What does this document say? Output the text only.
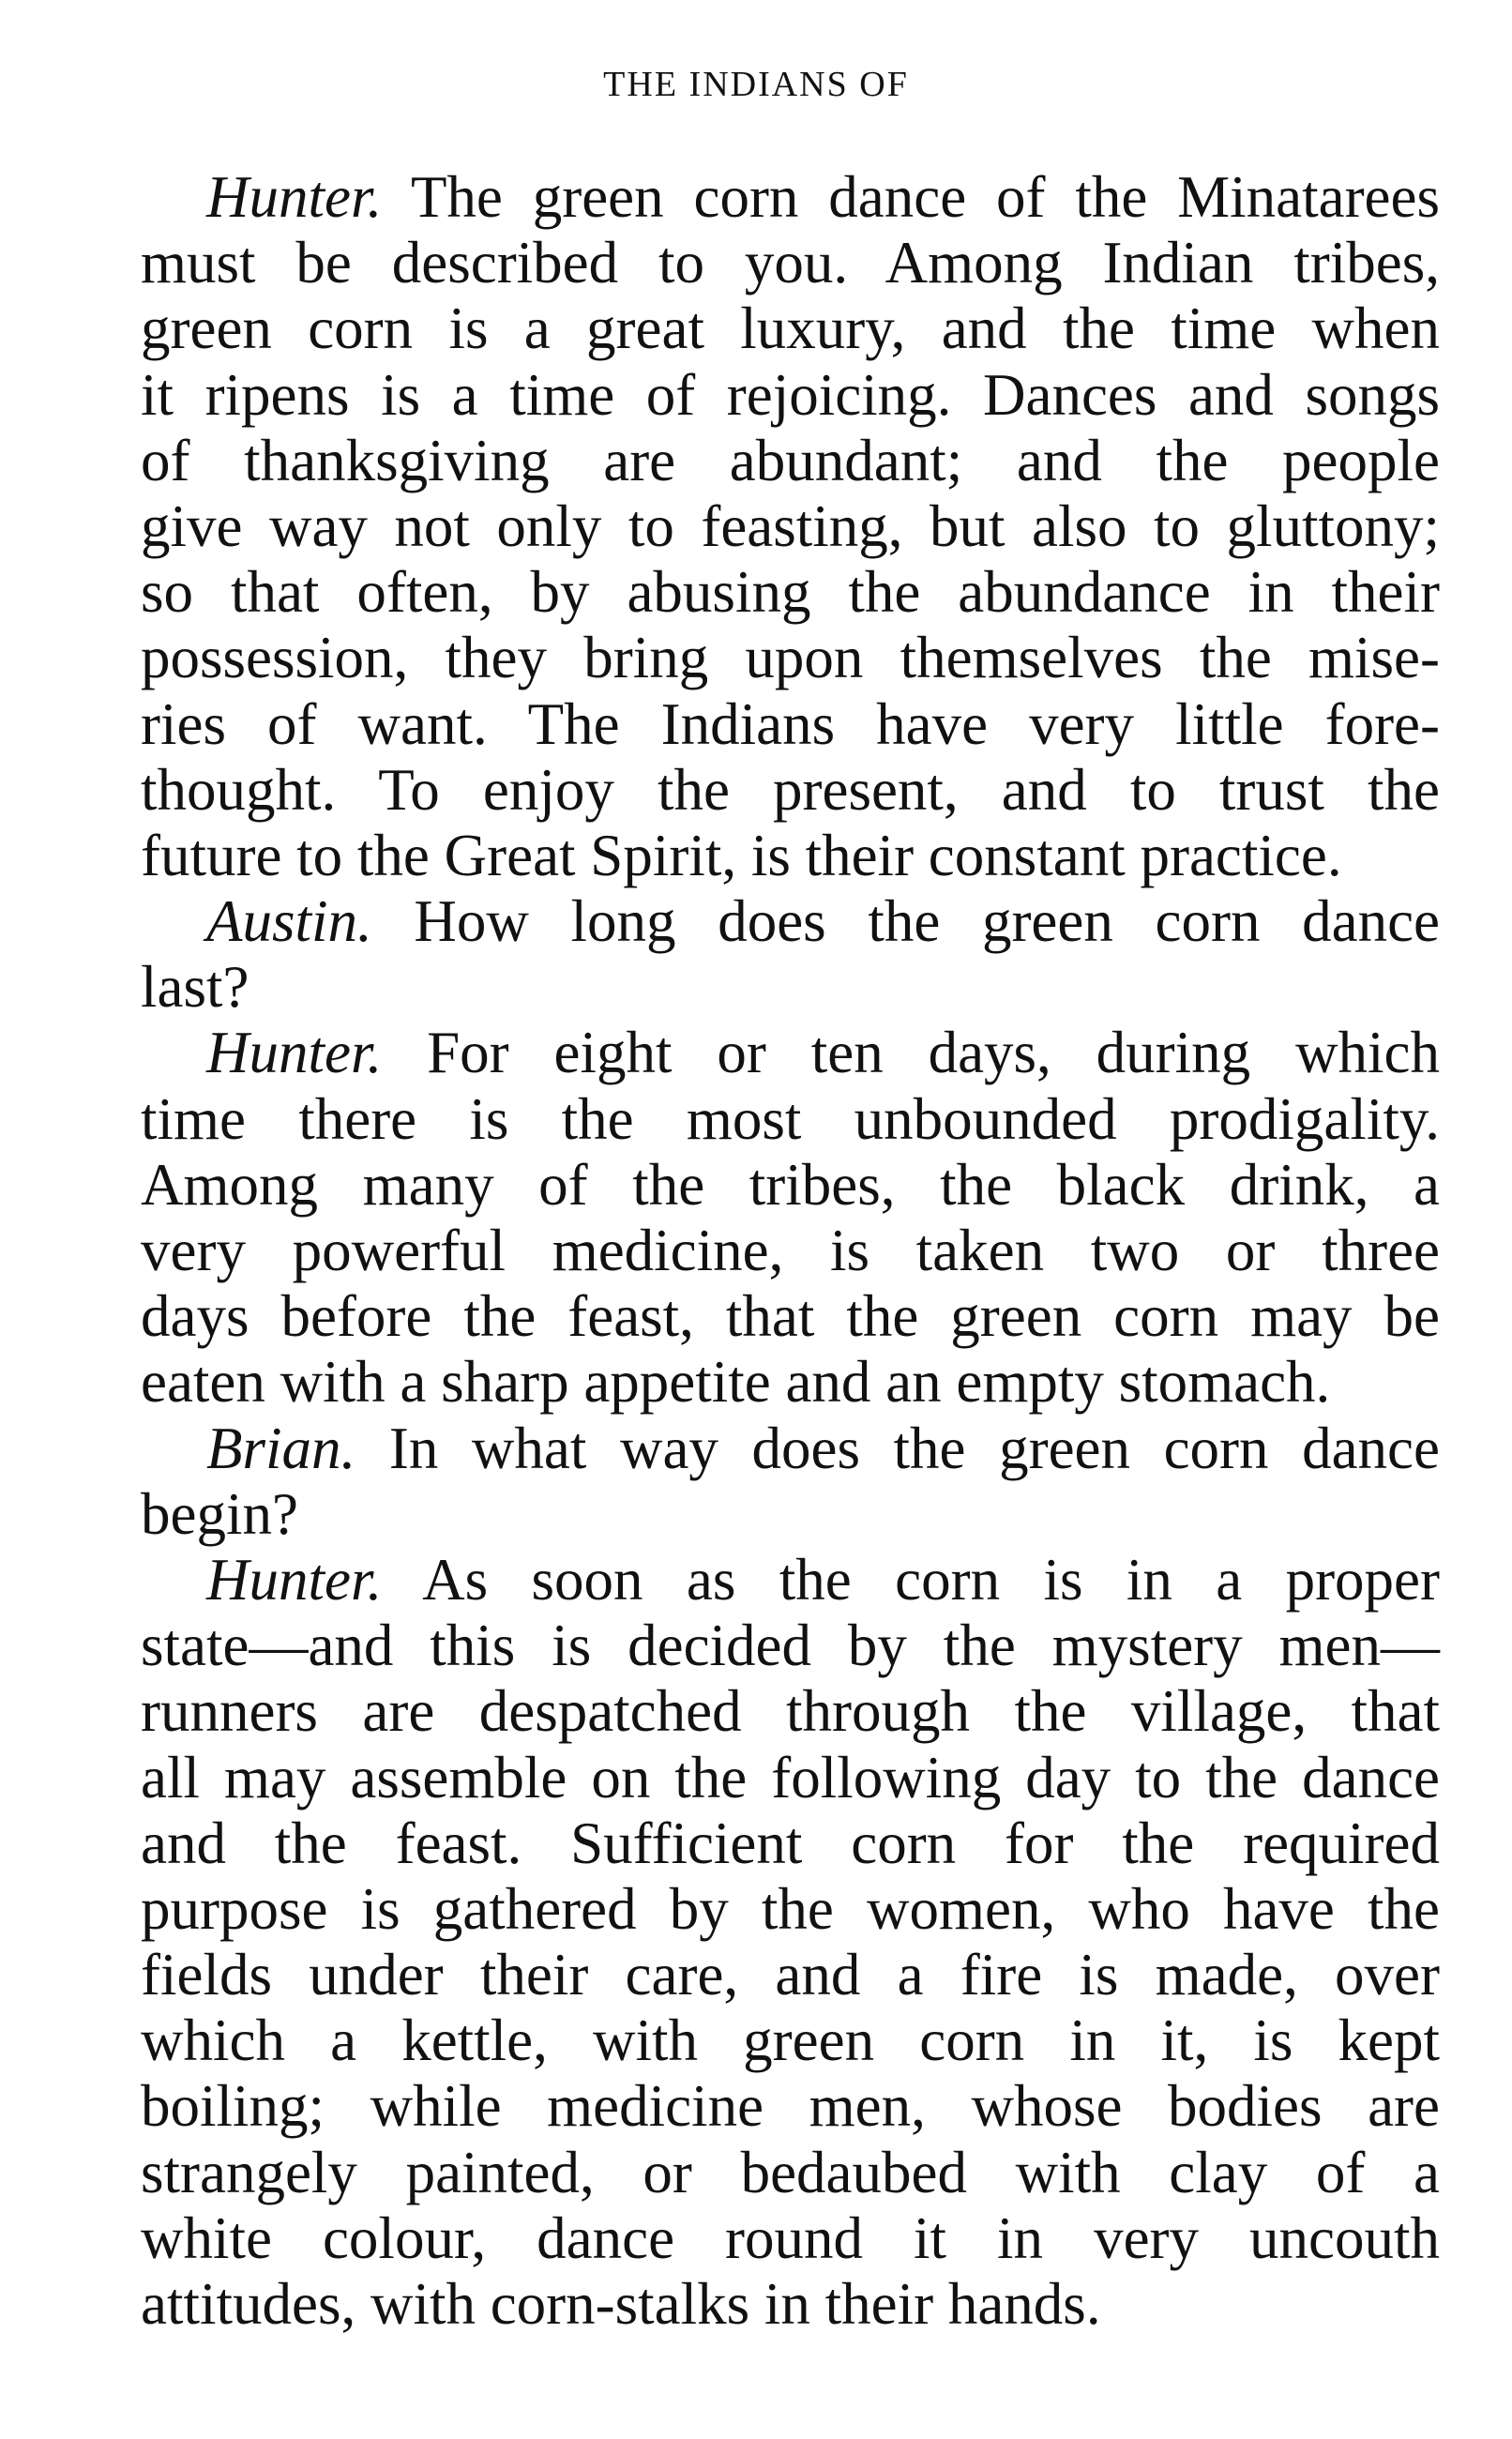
THE INDIANS OF
Hunter. The green corn dance of the Minatarees
must be described to you. Among Indian tribes,
green corn is a great luxury, and the time when
it ripens is a time of rejoicing. Dances and songs
of thanksgiving are abundant; and the people
give way not only to feasting, but also to gluttony;
so that often, by abusing the abundance in their
possession, they bring upon themselves the mise-
ries of want. The Indians have very little fore-
thought. To enjoy the present, and to trust the
future to the Great Spirit, is their constant practice.
Austin. How long does the green corn dance
last?
Hunter. For eight or ten days, during which
time there is the most unbounded prodigality.
Among many of the tribes, the black drink, a
very powerful medicine, is taken two or three
days before the feast, that the green corn may be
eaten with a sharp appetite and an empty stomach.
Brian. In what way does the green corn dance
begin?
Hunter. As soon as the corn is in a proper
state—and this is decided by the mystery men—
runners are despatched through the village, that
all may assemble on the following day to the dance
and the feast. Sufficient corn for the required
purpose is gathered by the women, who have the
fields under their care, and a fire is made, over
which a kettle, with green corn in it, is kept
boiling; while medicine men, whose bodies are
strangely painted, or bedaubed with clay of a
white colour, dance round it in very uncouth
attitudes, with corn-stalks in their hands.
